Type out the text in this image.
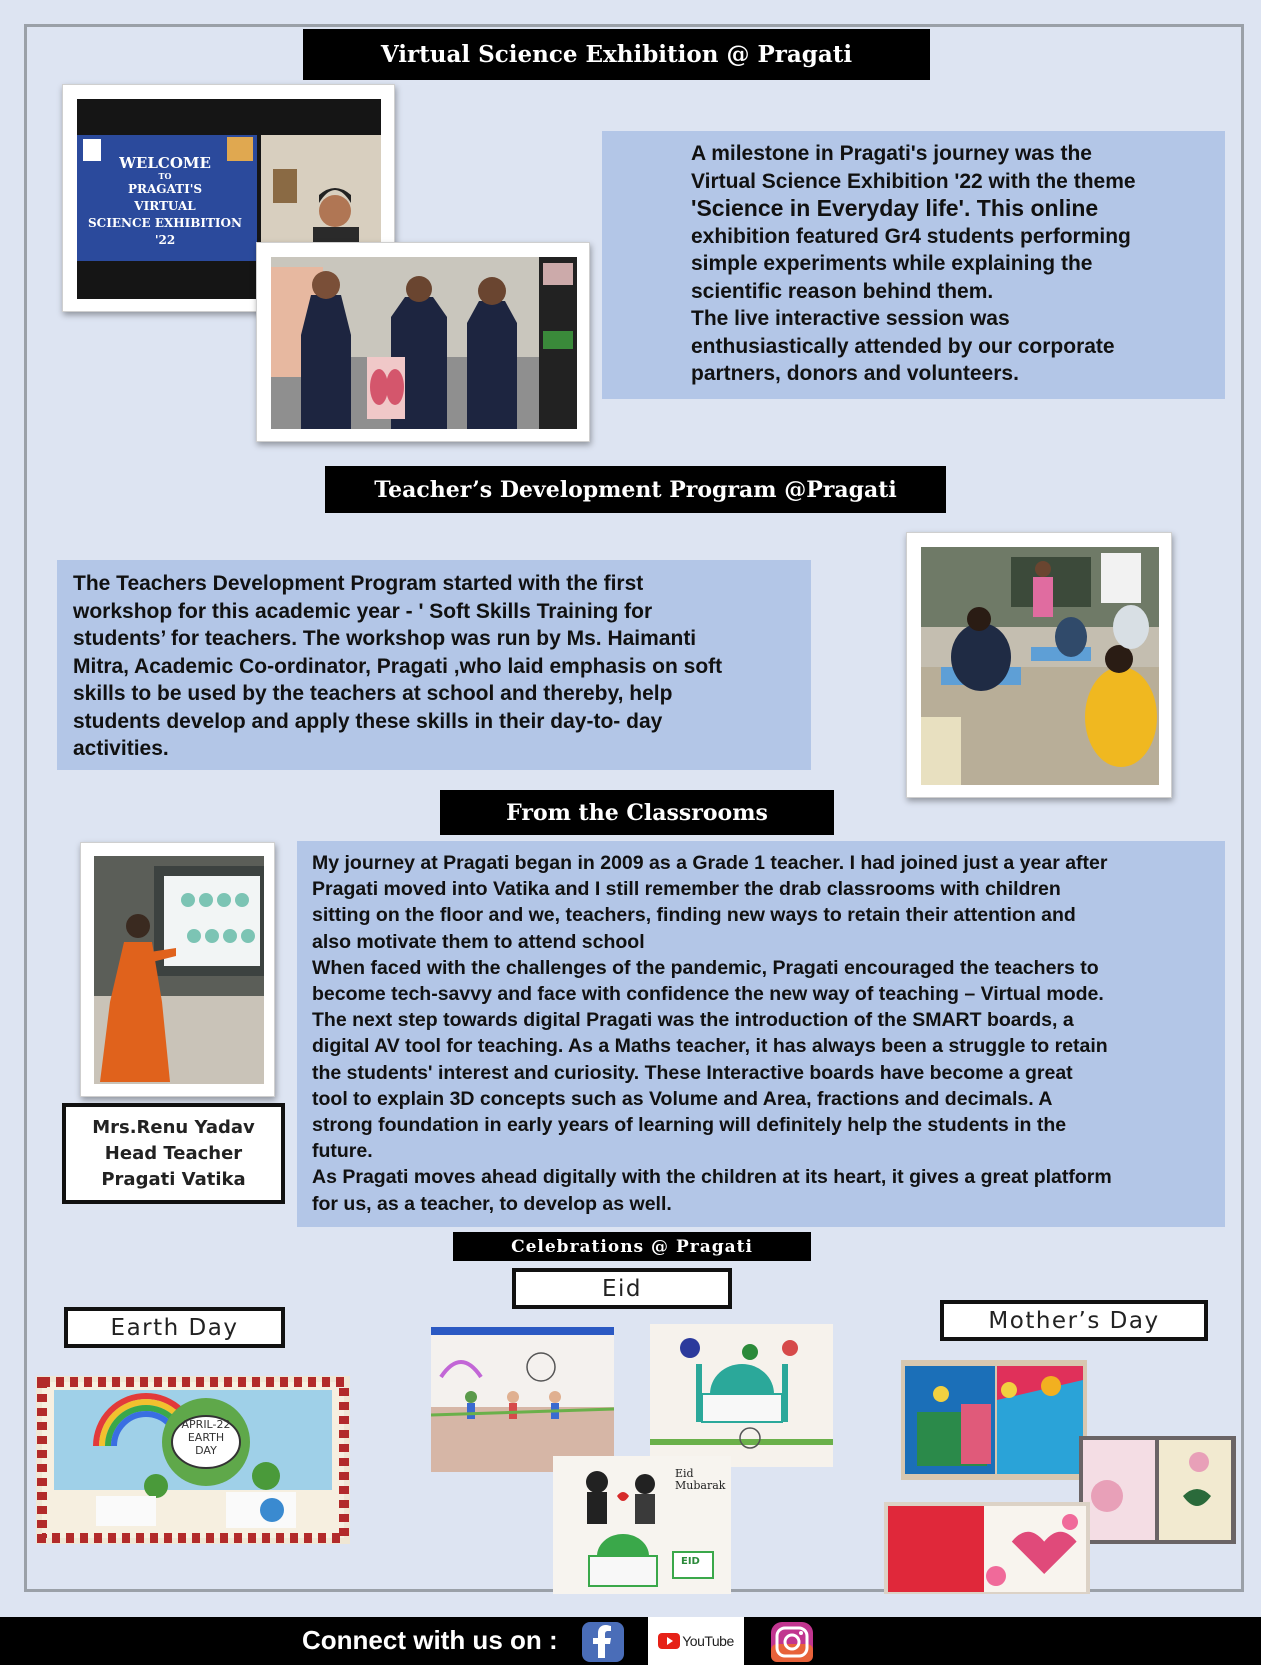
Virtual Science Exhibition @ Pragati
WELCOME
TO
PRAGATI'S
VIRTUAL
SCIENCE EXHIBITION '22

A milestone in Pragati's journey was the

Virtual Science Exhibition '22 with the theme

'Science in Everyday life'. This online

exhibition featured Gr4 students performing

simple experiments while explaining the

scientific reason behind them.

The live interactive session was

enthusiastically attended by our corporate

partners, donors and volunteers.

Teacher’s Development Program @Pragati

The Teachers Development Program started with the first

workshop for this academic year - ' Soft Skills Training for

students’ for teachers. The workshop was run by Ms. Haimanti

Mitra, Academic Co-ordinator, Pragati ,who laid emphasis on soft

skills to be used by the teachers at school and thereby, help

students develop and apply these skills in their day-to- day

activities.

From the Classrooms
Mrs.Renu Yadav
Head Teacher
Pragati Vatika

My journey at Pragati began in 2009 as a Grade 1 teacher. I had joined just a year after

Pragati moved into Vatika and I still remember the drab classrooms with children

sitting on the floor and we, teachers, finding new ways to retain their attention and

also motivate them to attend school

When faced with the challenges of the pandemic, Pragati encouraged the teachers to

become tech-savvy and face with confidence the new way of teaching – Virtual mode.

The next step towards digital Pragati was the introduction of the SMART boards, a

digital AV tool for teaching. As a Maths teacher, it has always been a struggle to retain

the students' interest and curiosity. These Interactive boards have become a great

tool to explain 3D concepts such as Volume and Area, fractions and decimals. A

strong foundation in early years of learning will definitely help the students in the

future.

As Pragati moves ahead digitally with the children at its heart, it gives a great platform

for us, as a teacher, to develop as well.

Celebrations @ Pragati
Eid
Earth Day	Mother’s Day
APRIL-22
EARTH
DAY
Eid
Mubarak
EID
Connect with us on :	YouTube
